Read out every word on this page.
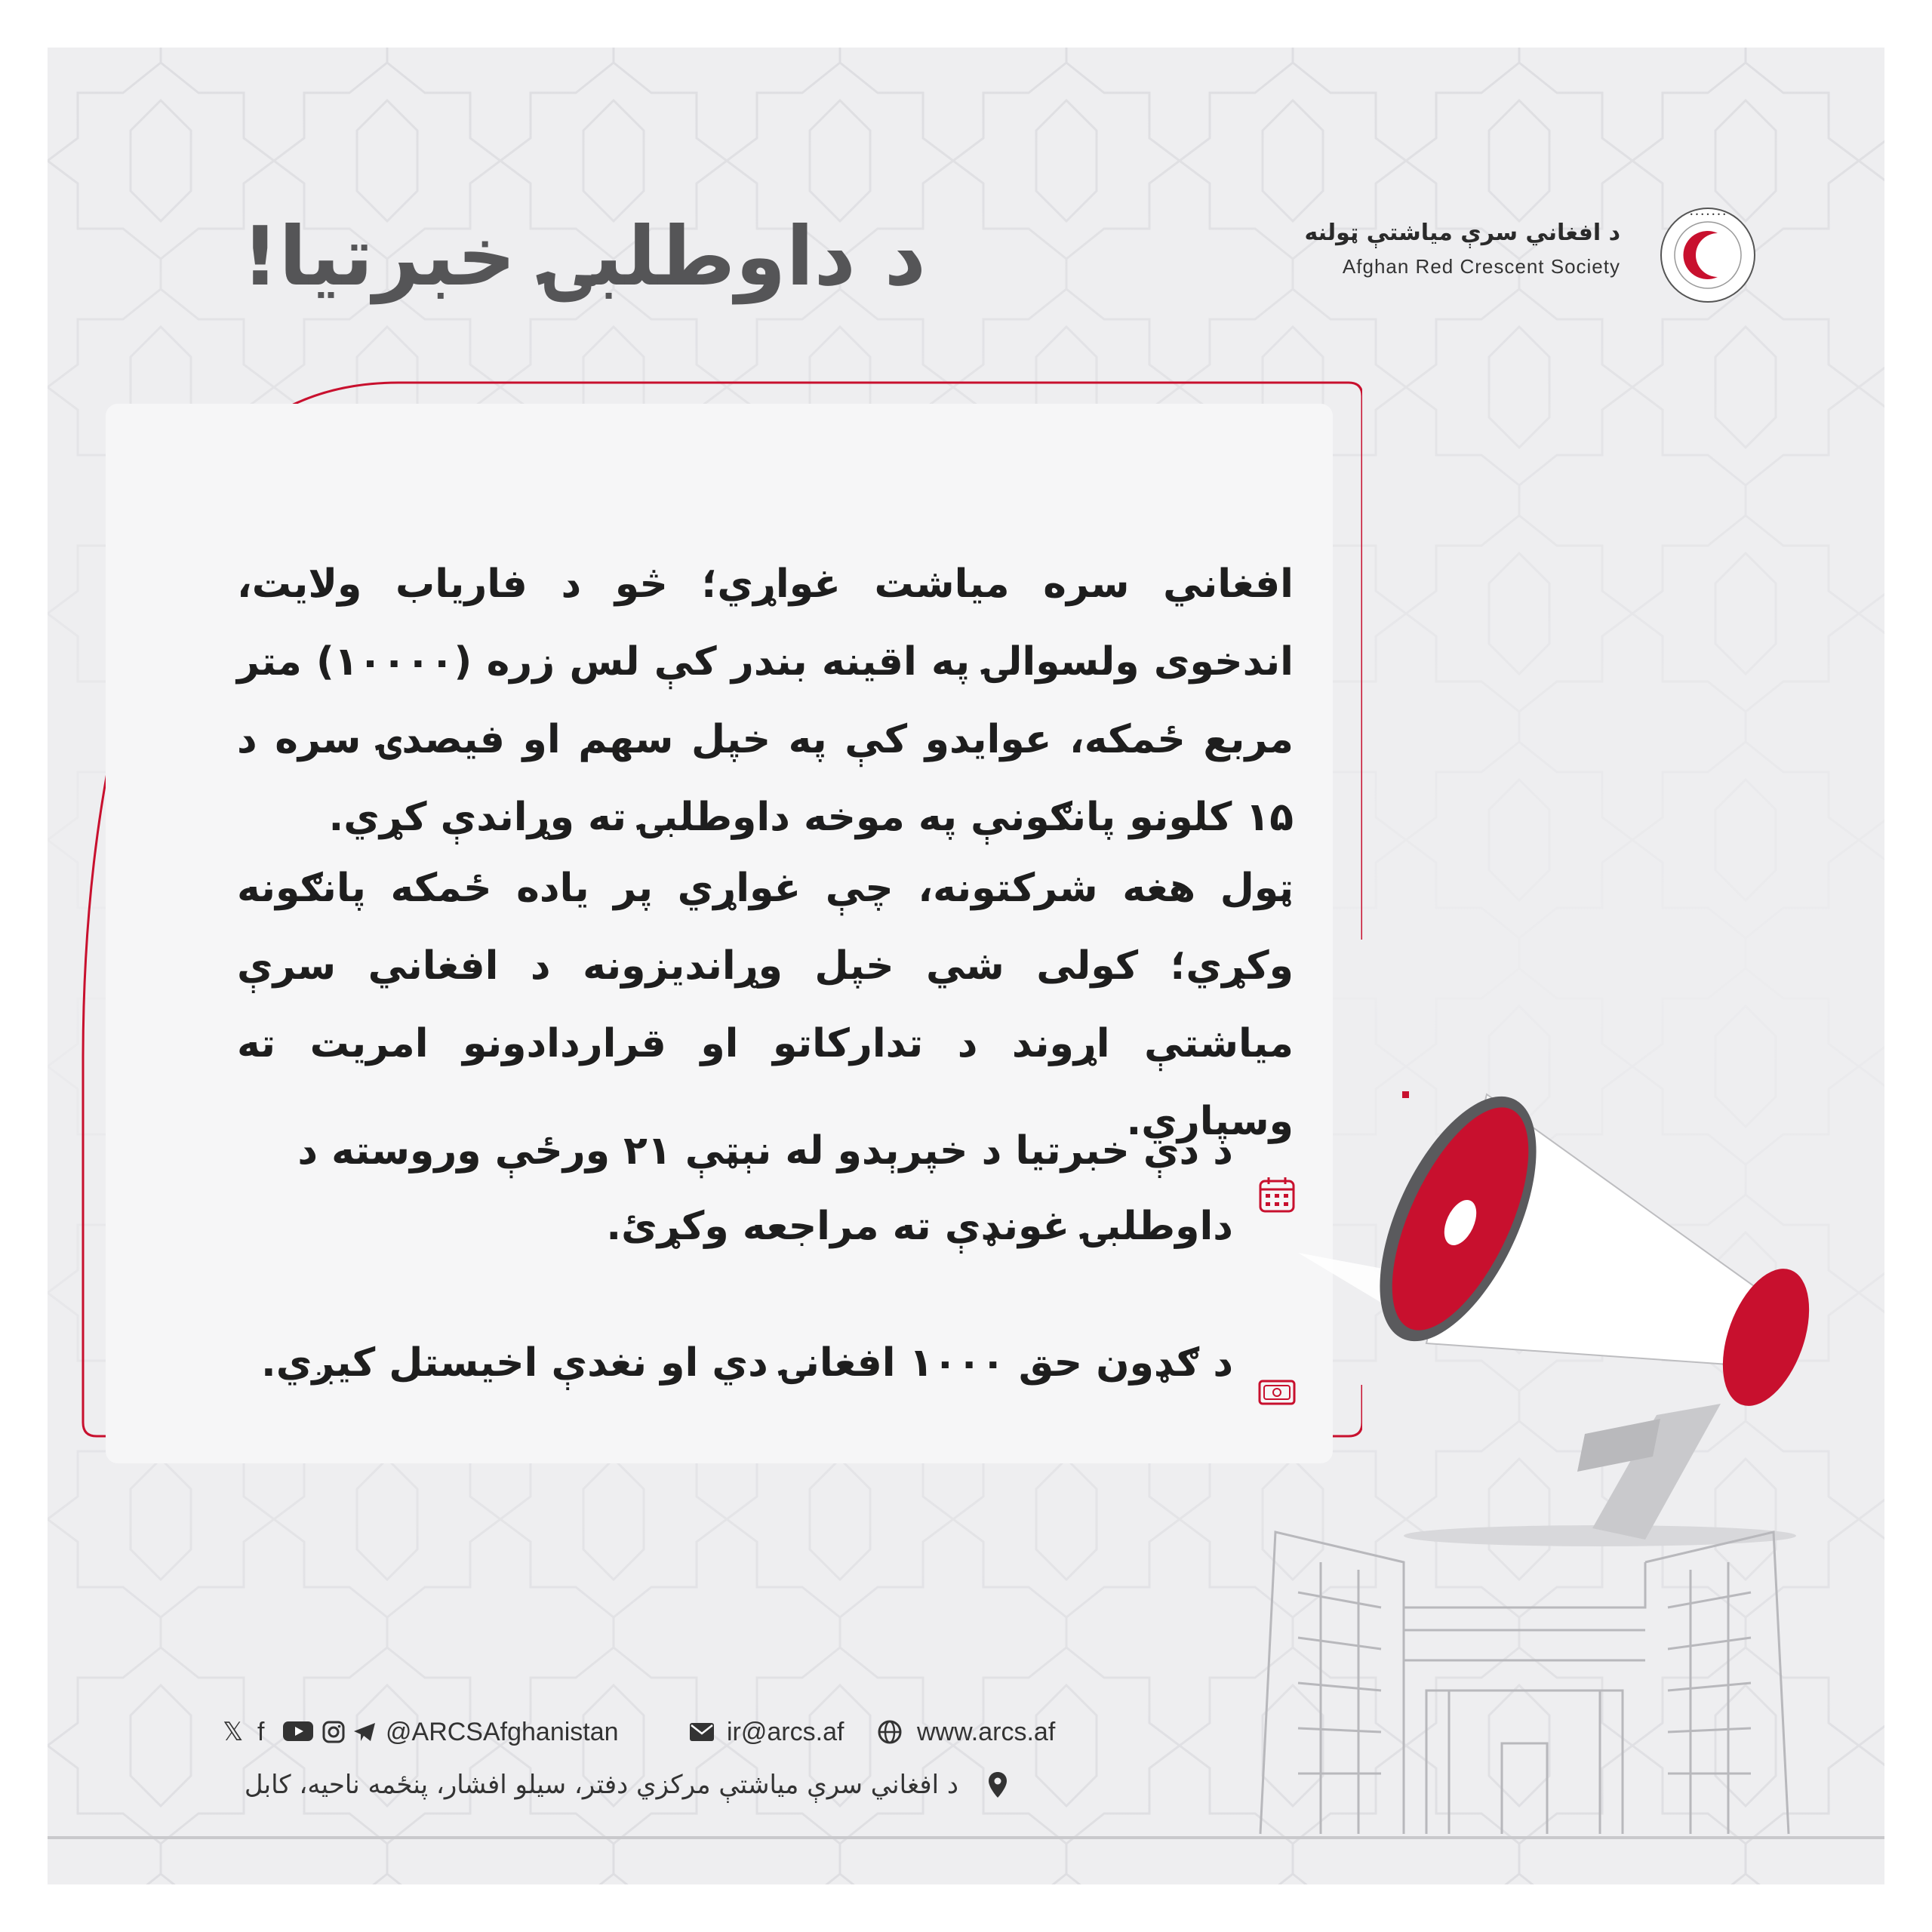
د داوطلبۍ خبرتیا!	د افغاني سرې میاشتې ټولنه
Afghan Red Crescent Society
• • • • • • •
افغاني سره میاشت غواړي؛ څو د فارياب ولايت، اندخوی ولسوالۍ په اقينه بندر کې لس زره (۱۰۰۰۰) متر مربع ځمکه، عوايدو کې په خپل سهم او فيصدۍ سره د ۱۵ کلونو پانګونې په موخه داوطلبۍ ته وړاندې کړي.
ټول هغه شرکتونه، چې غواړي پر ياده ځمکه پانګونه وکړي؛ کولی شي خپل وړانديزونه د افغاني سرې مياشتې اړوند د تدارکاتو او قراردادونو امريت ته وسپاري.
د دې خبرتيا د خپرېدو له نېټې ۲۱ ورځې وروسته د داوطلبۍ غونډې ته مراجعه وکړئ.
د ګډون حق ۱۰۰۰ افغانۍ دي او نغدې اخيستل کيږي.
𝕏 f	@ARCSAfghanistan	ir@arcs.af	www.arcs.af
د افغاني سرې مياشتې مرکزي دفتر، سيلو افشار، پنځمه ناحيه، کابل
